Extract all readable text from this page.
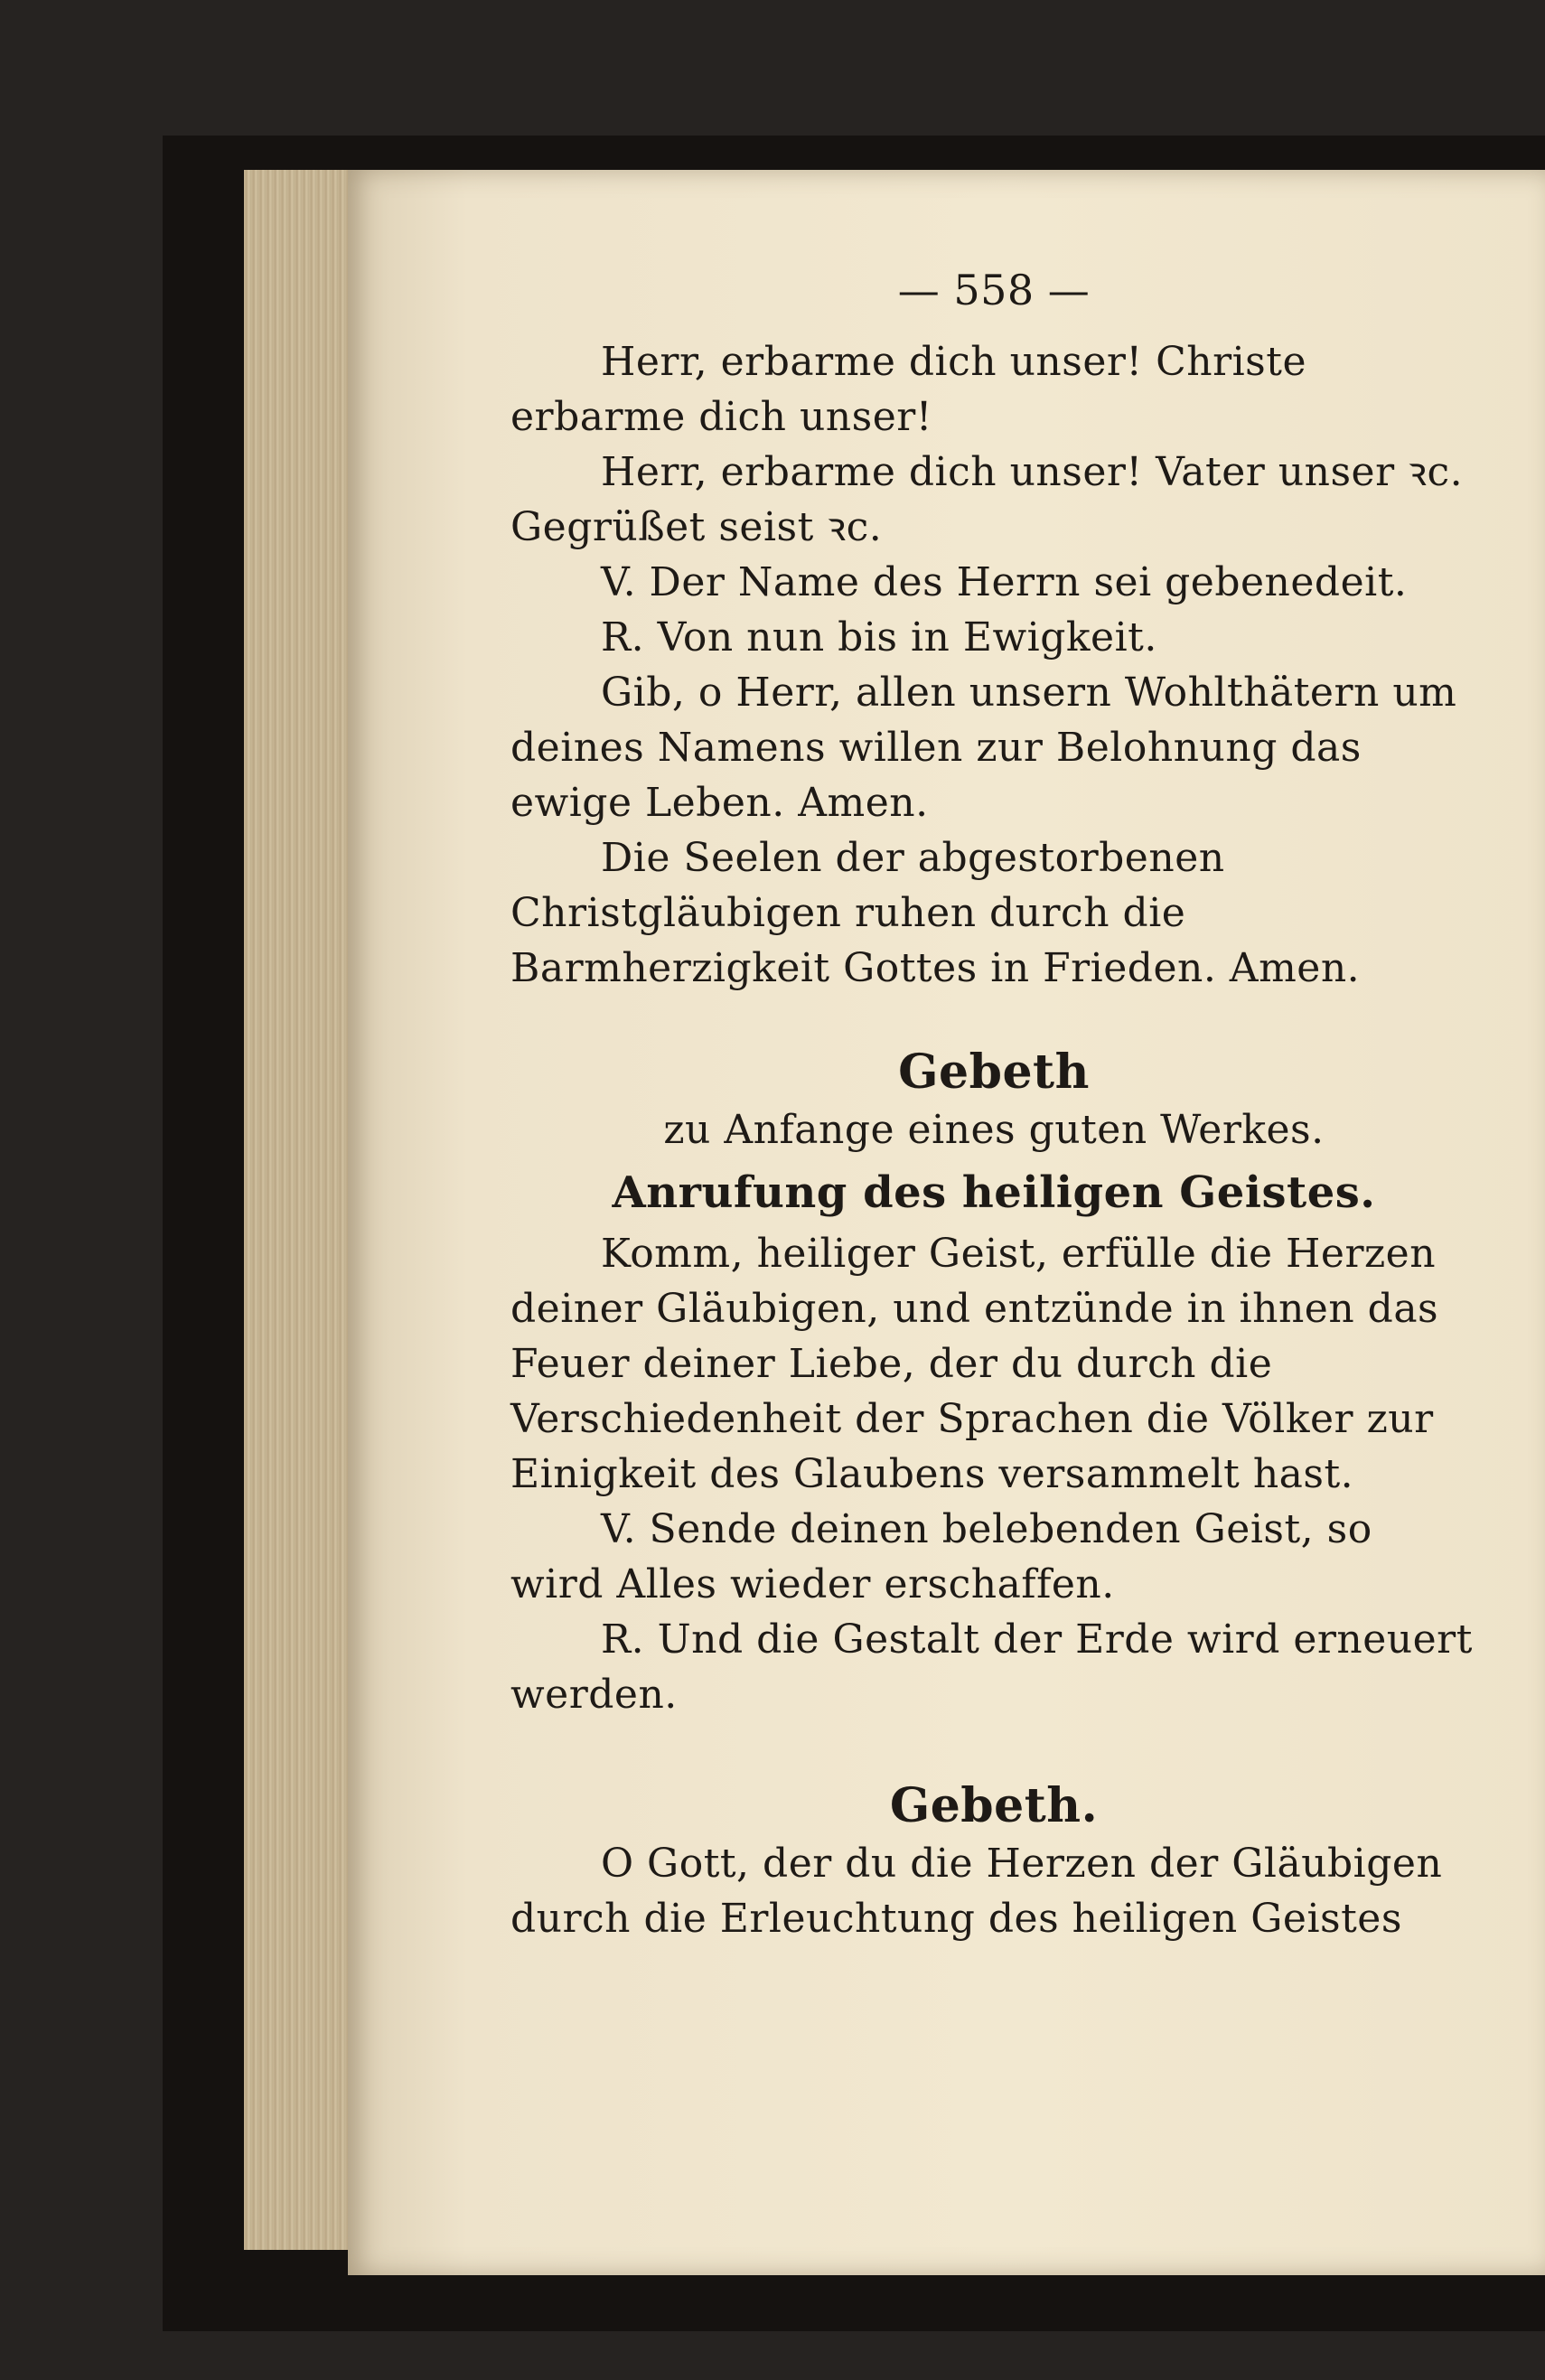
— 558 —

Herr, erbarme dich unser! Christe erbarme dich unser!

Herr, erbarme dich unser! Vater unser ꝛc. Gegrüßet seist ꝛc.

V. Der Name des Herrn sei gebenedeit.

R. Von nun bis in Ewigkeit.

Gib, o Herr, allen unsern Wohlthätern um deines Namens willen zur Belohnung das ewige Leben. Amen.

Die Seelen der abgestorbenen Christgläubigen ruhen durch die Barmherzigkeit Gottes in Frieden. Amen.

Gebeth
zu Anfange eines guten Werkes.
Anrufung des heiligen Geistes.

Komm, heiliger Geist, erfülle die Herzen deiner Gläubigen, und entzünde in ihnen das Feuer deiner Liebe, der du durch die Verschiedenheit der Sprachen die Völker zur Einigkeit des Glaubens versammelt hast.

V. Sende deinen belebenden Geist, so wird Alles wieder erschaffen.

R. Und die Gestalt der Erde wird erneuert werden.

Gebeth.

O Gott, der du die Herzen der Gläubigen durch die Erleuchtung des heiligen Geistes
